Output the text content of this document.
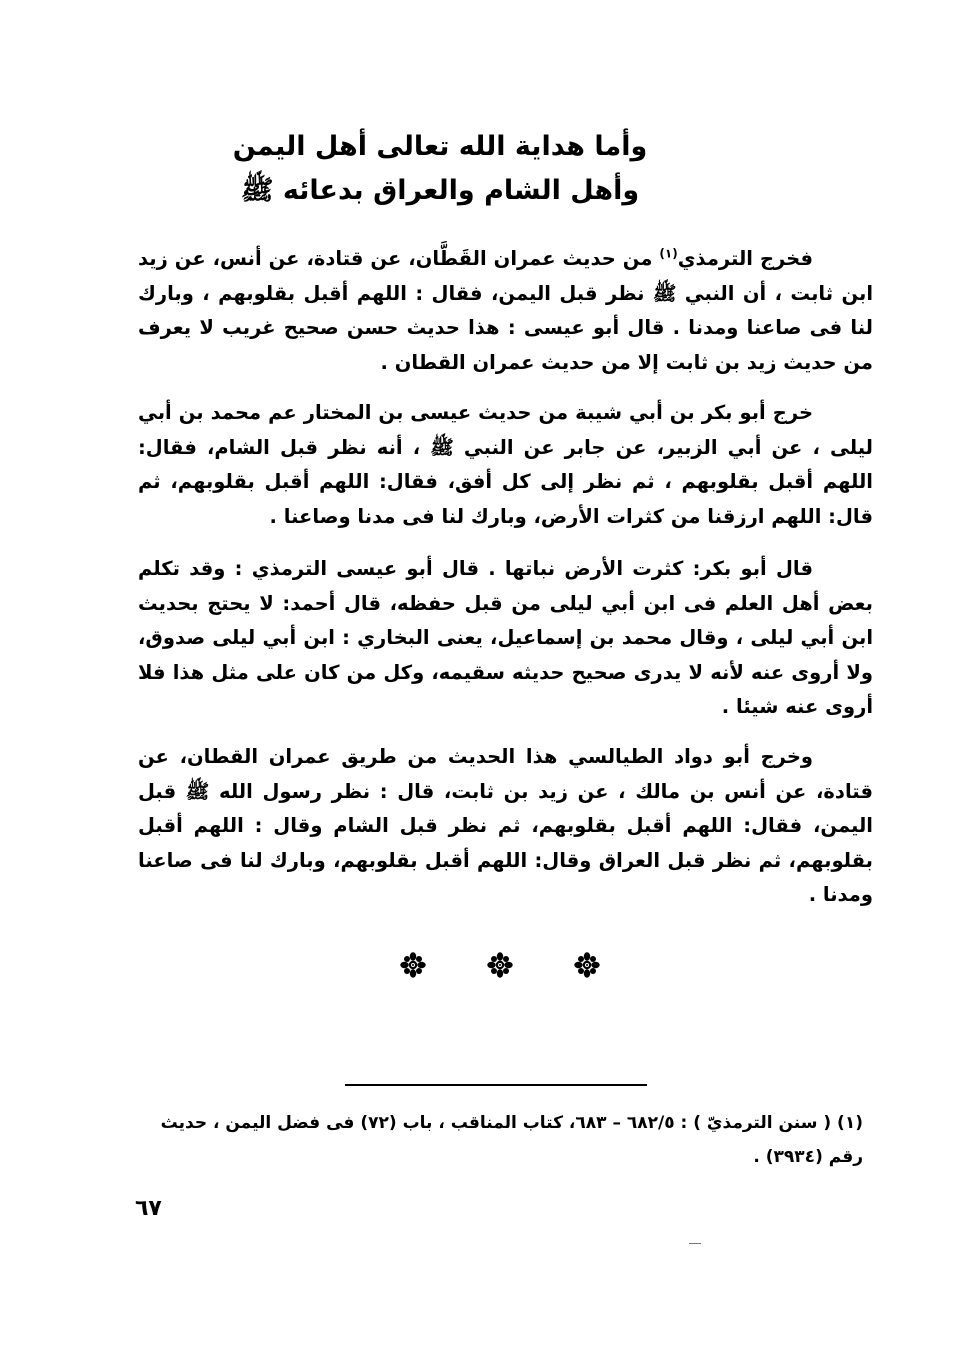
وأما هداية الله تعالى أهل اليمن
وأهل الشام والعراق بدعائه ﷺ

فخرج الترمذي$^{(١)}$ من حديث عمران القَطَّان، عن قتادة، عن أنس، عن زيد ابن ثابت ، أن النبي ﷺ نظر قبل اليمن، فقال : اللهم أقبل بقلوبهم ، وبارك لنا فى صاعنا ومدنا . قال أبو عيسى : هذا حديث حسن صحيح غريب لا يعرف من حديث زيد بن ثابت إلا من حديث عمران القطان .

خرج أبو بكر بن أبي شيبة من حديث عيسى بن المختار عم محمد بن أبي ليلى ، عن أبي الزبير، عن جابر عن النبي ﷺ ، أنه نظر قبل الشام، فقال: اللهم أقبل بقلوبهم ، ثم نظر إلى كل أفق، فقال: اللهم أقبل بقلوبهم، ثم قال: اللهم ارزقنا من كثرات الأرض، وبارك لنا فى مدنا وصاعنا .

قال أبو بكر: كثرت الأرض نباتها . قال أبو عيسى الترمذي : وقد تكلم بعض أهل العلم فى ابن أبي ليلى من قبل حفظه، قال أحمد: لا يحتج بحديث ابن أبي ليلى ، وقال محمد بن إسماعيل، يعنى البخاري : ابن أبي ليلى صدوق، ولا أروى عنه لأنه لا يدرى صحيح حديثه سقيمه، وكل من كان على مثل هذا فلا أروى عنه شيئا .

وخرج أبو دواد الطيالسي هذا الحديث من طريق عمران القطان، عن قتادة، عن أنس بن مالك ، عن زيد بن ثابت، قال : نظر رسول الله ﷺ قبل اليمن، فقال: اللهم أقبل بقلوبهم، ثم نظر قبل الشام وقال : اللهم أقبل بقلوبهم، ثم نظر قبل العراق وقال: اللهم أقبل بقلوبهم، وبارك لنا فى صاعنا ومدنا .

(١) ( سنن الترمذيّ ) : ٦٨٢/٥ – ٦٨٣، كتاب المناقب ، باب (٧٢) فى فضل اليمن ، حديث رقم (٣٩٣٤) .

٦٧
